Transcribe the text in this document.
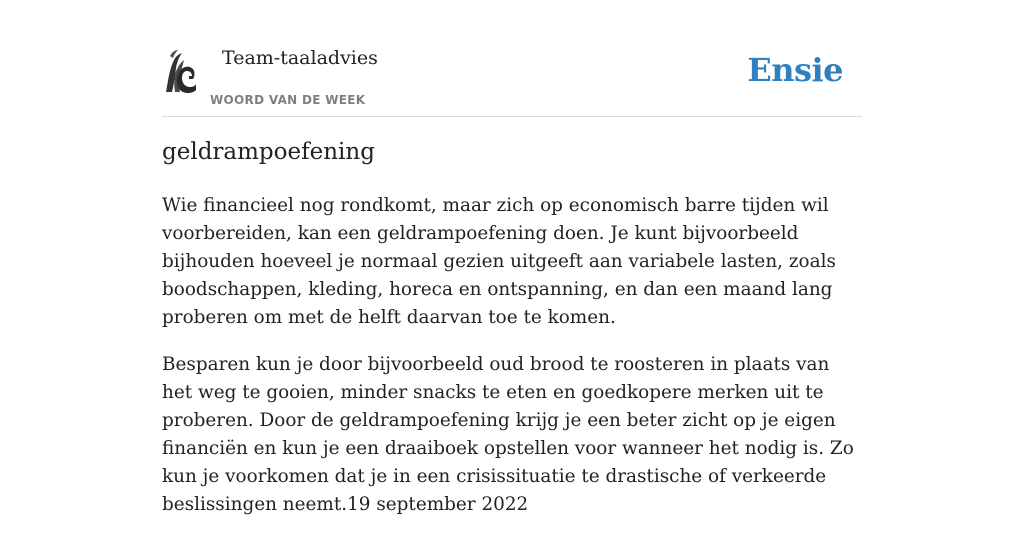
Team-taaladvies
WOORD VAN DE WEEK
Ensie
geldrampoefening

Wie financieel nog rondkomt, maar zich op economisch barre tijden wil voorbereiden, kan een geldrampoefening doen. Je kunt bijvoorbeeld bijhouden hoeveel je normaal gezien uitgeeft aan variabele lasten, zoals boodschappen, kleding, horeca en ontspanning, en dan een maand lang proberen om met de helft daarvan toe te komen.

Besparen kun je door bijvoorbeeld oud brood te roosteren in plaats van het weg te gooien, minder snacks te eten en goedkopere merken uit te proberen. Door de geldrampoefening krijg je een beter zicht op je eigen financiën en kun je een draaiboek opstellen voor wanneer het nodig is. Zo kun je voorkomen dat je in een crisissituatie te drastische of verkeerde beslissingen neemt.19 september 2022
